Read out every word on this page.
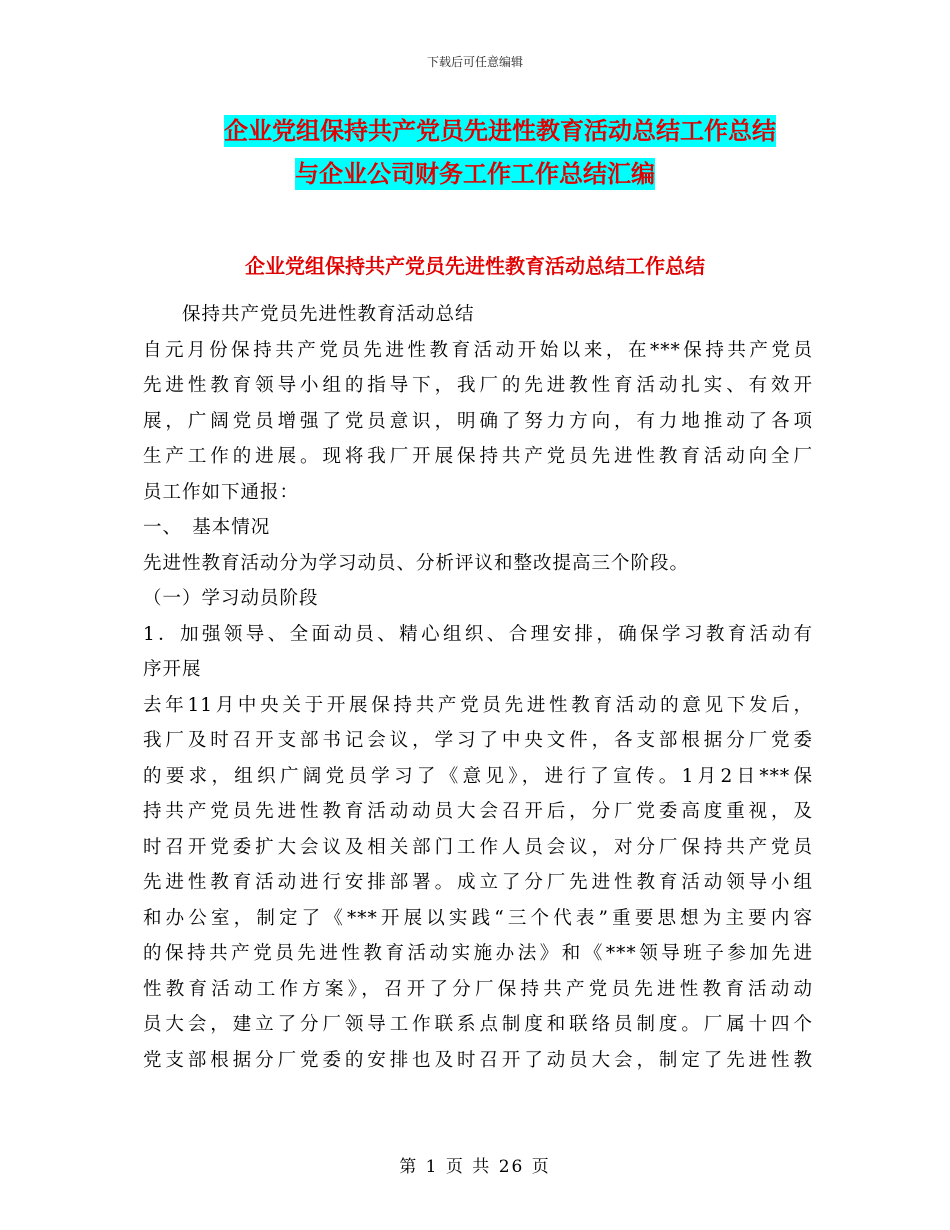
下载后可任意编辑
企业党组保持共产党员先进性教育活动总结工作总结
与企业公司财务工作工作总结汇编
企业党组保持共产党员先进性教育活动总结工作总结
　　保持共产党员先进性教育活动总结
自元月份保持共产党员先进性教育活动开始以来，在***保持共产党员
先进性教育领导小组的指导下，我厂的先进教性育活动扎实、有效开
展，广阔党员增强了党员意识，明确了努力方向，有力地推动了各项
生产工作的进展。现将我厂开展保持共产党员先进性教育活动向全厂
员工作如下通报：
一、　基本情况
先进性教育活动分为学习动员、分析评议和整改提高三个阶段。
（一）学习动员阶段
1．加强领导、全面动员、精心组织、合理安排，确保学习教育活动有
序开展
去年11月中央关于开展保持共产党员先进性教育活动的意见下发后，
我厂及时召开支部书记会议，学习了中央文件，各支部根据分厂党委
的要求，组织广阔党员学习了《意见》，进行了宣传。1月2日***保
持共产党员先进性教育活动动员大会召开后，分厂党委高度重视，及
时召开党委扩大会议及相关部门工作人员会议，对分厂保持共产党员
先进性教育活动进行安排部署。成立了分厂先进性教育活动领导小组
和办公室，制定了《***开展以实践“三个代表”重要思想为主要内容
的保持共产党员先进性教育活动实施办法》和《***领导班子参加先进
性教育活动工作方案》，召开了分厂保持共产党员先进性教育活动动
员大会，建立了分厂领导工作联系点制度和联络员制度。厂属十四个
党支部根据分厂党委的安排也及时召开了动员大会，制定了先进性教
第 1 页 共 26 页
